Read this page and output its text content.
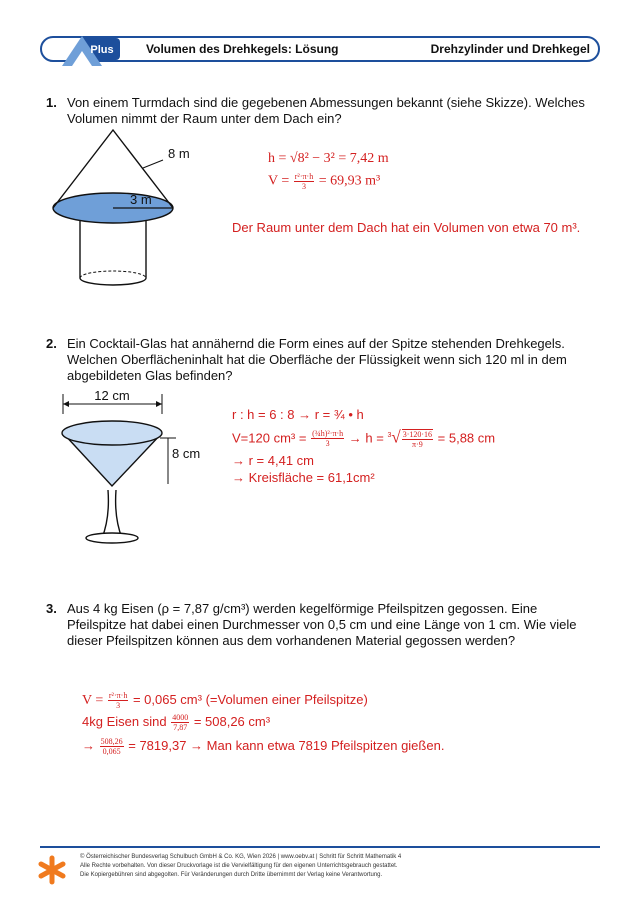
Plus	Volumen des Drehkegels: Lösung	Drehzylinder und Drehkegel
1. Von einem Turmdach sind die gegebenen Abmessungen bekannt (siehe Skizze). Welches Volumen nimmt der Raum unter dem Dach ein?
8 m
3 m
h = √8² − 3² = 7,42 m
$V = \frac{\text{r²·π·h}}{3} = 69,93$ m³
Der Raum unter dem Dach hat ein Volumen von etwa 70 m³.
2. Ein Cocktail-Glas hat annähernd die Form eines auf der Spitze stehenden Drehkegels. Welchen Oberflächeninhalt hat die Oberfläche der Flüssigkeit wenn sich 120 ml in dem abgebildeten Glas befinden?
12 cm
8 cm
r : h = 6 : 8 → r = ¾ • h
V=120 $cm^3 = \frac{\text{(¾h)²·π·h}}{3} \to h = ^3√ \frac{3\cdot 120\cdot 16}{\pi\cdot 9} = 5,88$ cm
→ r = 4,41 cm
→ Kreisfläche = 61,1cm²
3. Aus 4 kg Eisen (ρ = 7,87 g/cm³) werden kegelförmige Pfeilspitzen gegossen. Eine Pfeilspitze hat dabei einen Durchmesser von 0,5 cm und eine Länge von 1 cm. Wie viele dieser Pfeilspitzen können aus dem vorhandenen Material gegossen werden?
$V = \frac{\text{r²·π·h}}{3} = 0,065$ cm³ (=Volumen einer Pfeilspitze)
4kg Eisen sind $\frac{4000}{7,87} = 508,26$ cm³
→ $\frac{508,26}{0,065} = 7819,37$ → Man kann etwa 7819 Pfeilspitzen gießen.
© Österreichischer Bundesverlag Schulbuch GmbH & Co. KG, Wien 2026 | www.oebv.at | Schritt für Schritt Mathematik 4
Alle Rechte vorbehalten. Von dieser Druckvorlage ist die Vervielfältigung für den eigenen Unterrichtsgebrauch gestattet.
Die Kopiergebühren sind abgegolten. Für Veränderungen durch Dritte übernimmt der Verlag keine Verantwortung.
